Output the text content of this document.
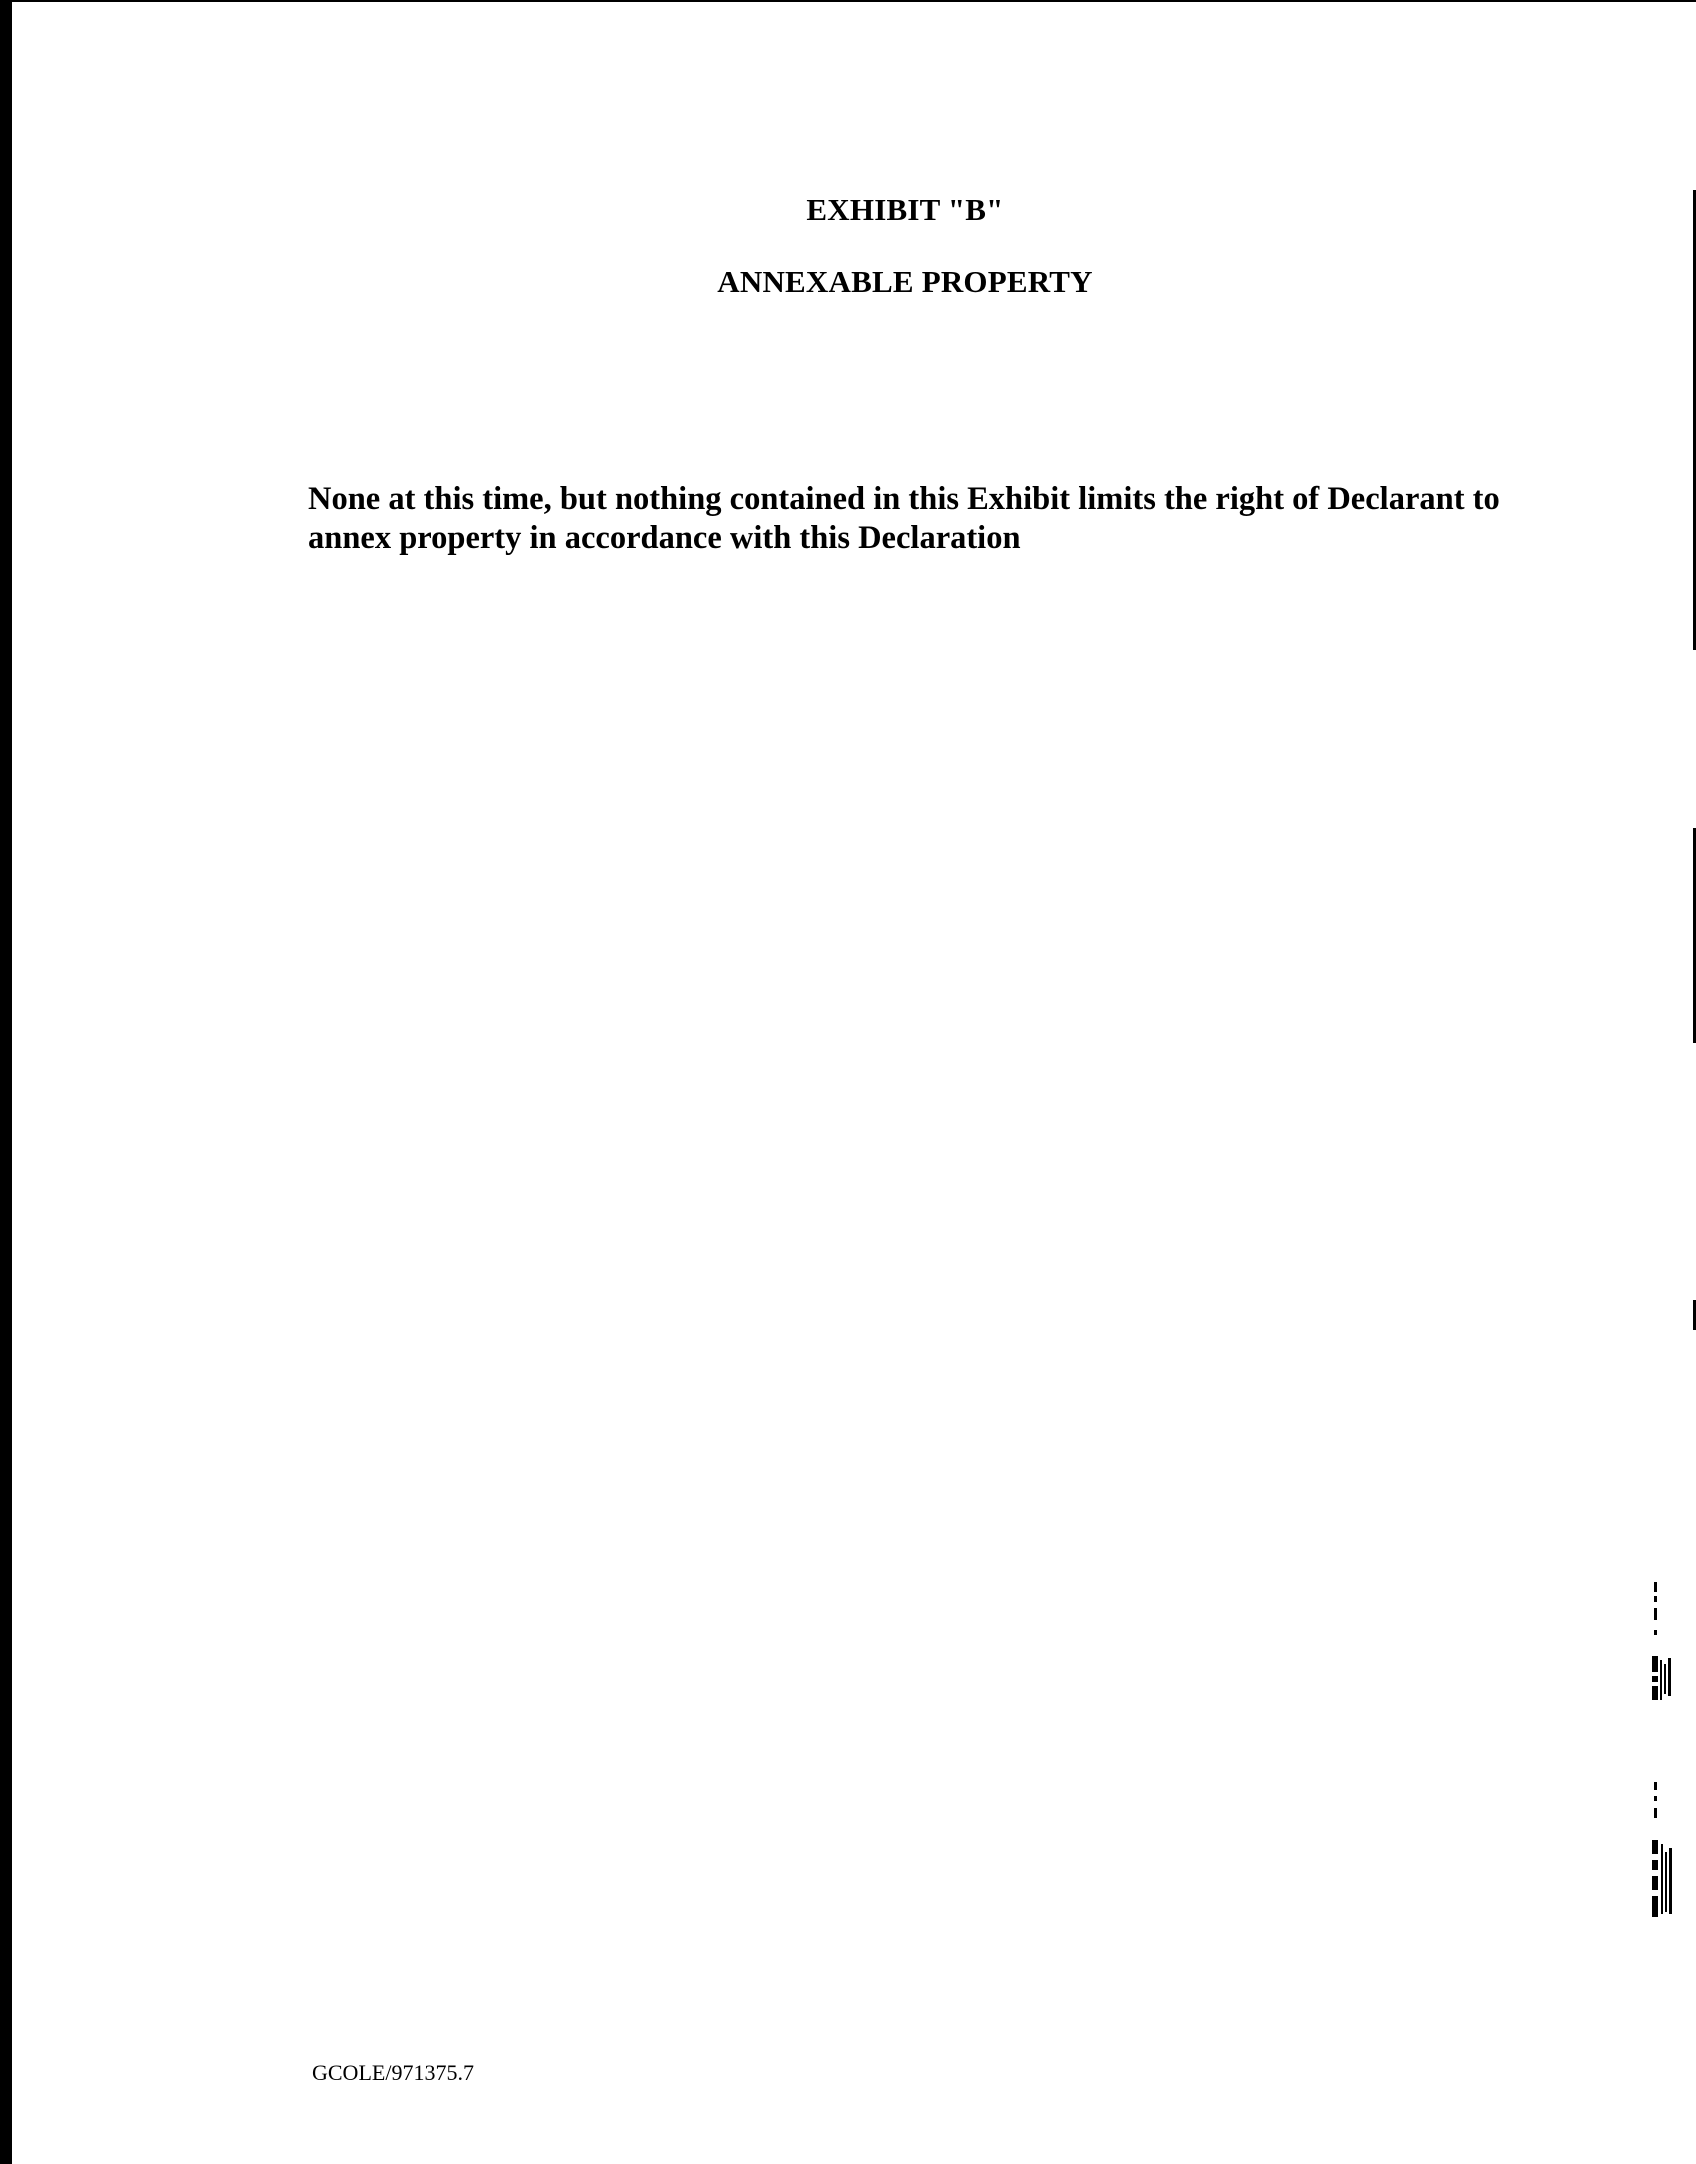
EXHIBIT "B"
ANNEXABLE PROPERTY
None at this time, but nothing contained in this Exhibit limits the right of Declarant to
annex property in accordance with this Declaration
GCOLE/971375.7
